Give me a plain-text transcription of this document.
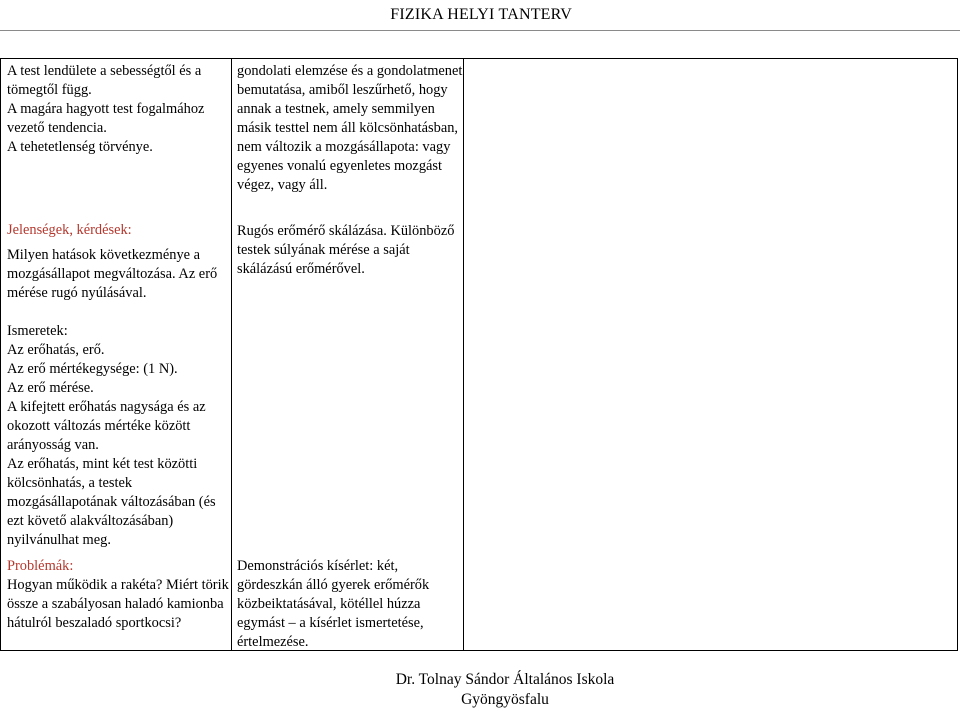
FIZIKA HELYI TANTERV

A test lendülete a sebességtől és a tömegtől függ.

A magára hagyott test fogalmához vezető tendencia.

A tehetetlenség törvénye.

Jelenségek, kérdések:

Milyen hatások következménye a mozgásállapot megváltozása. Az erő mérése rugó nyúlásával.

Ismeretek:

Az erőhatás, erő.

Az erő mértékegysége: (1 N).

Az erő mérése.

A kifejtett erőhatás nagysága és az okozott változás mértéke között arányosság van.

Az erőhatás, mint két test közötti kölcsönhatás, a testek mozgásállapotának változásában (és ezt követő alakváltozásában) nyilvánulhat meg.

Problémák:

Hogyan működik a rakéta? Miért törik össze a szabályosan haladó kamionba hátulról beszaladó sportkocsi?

gondolati elemzése és a gondolatmenet bemutatása, amiből leszűrhető, hogy annak a testnek, amely semmilyen másik testtel nem áll kölcsönhatásban, nem változik a mozgásállapota: vagy egyenes vonalú egyenletes mozgást végez, vagy áll.

Rugós erőmérő skálázása. Különböző testek súlyának mérése a saját skálázású erőmérővel.

Demonstrációs kísérlet: két, gördeszkán álló gyerek erőmérők közbeiktatásával, kötéllel húzza egymást – a kísérlet ismertetése, értelmezése.

Dr. Tolnay Sándor Általános Iskola
Gyöngyösfalu
